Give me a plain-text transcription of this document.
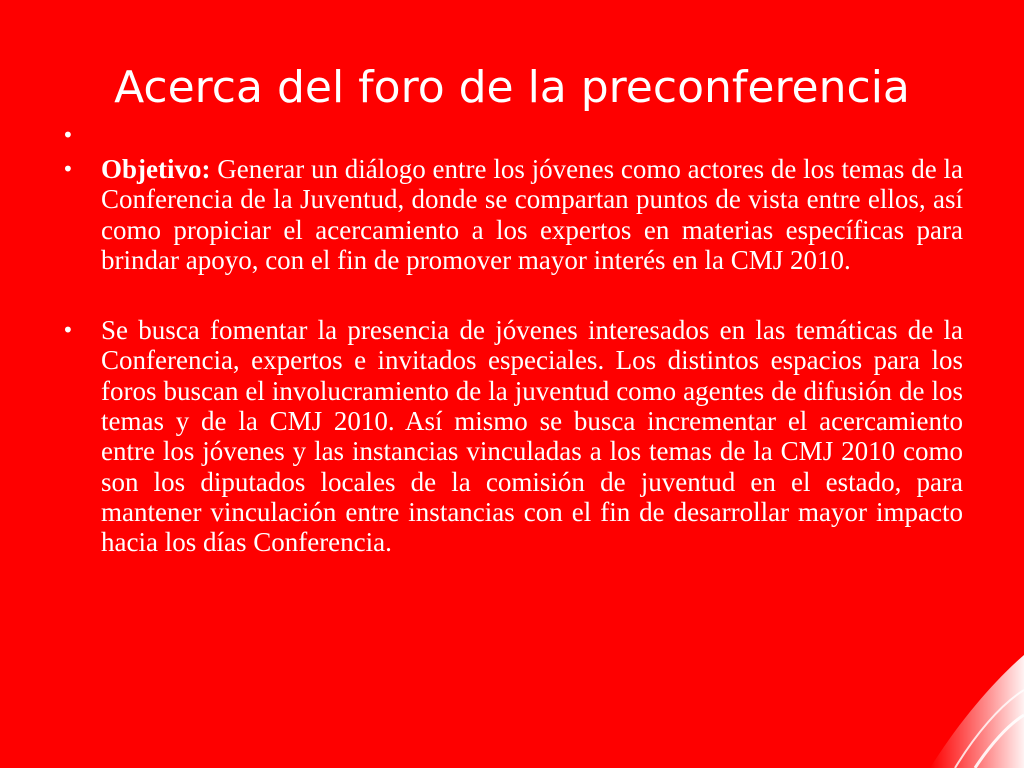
Acerca del foro de la preconferencia
•
• Objetivo: Generar un diálogo entre los jóvenes como actores de los temas de la Conferencia de la Juventud, donde se compartan puntos de vista entre ellos, así como propiciar el acercamiento a los expertos en materias específicas para brindar apoyo, con el fin de promover mayor interés en la CMJ 2010.
• Se busca fomentar la presencia de jóvenes interesados en las temáticas de la Conferencia, expertos e invitados especiales. Los distintos espacios para los foros buscan el involucramiento de la juventud como agentes de difusión de los temas y de la CMJ 2010. Así mismo se busca incrementar el acercamiento entre los jóvenes y las instancias vinculadas a los temas de la CMJ 2010 como son los diputados locales de la comisión de juventud en el estado, para mantener vinculación entre instancias con el fin de desarrollar mayor impacto hacia los días Conferencia.
